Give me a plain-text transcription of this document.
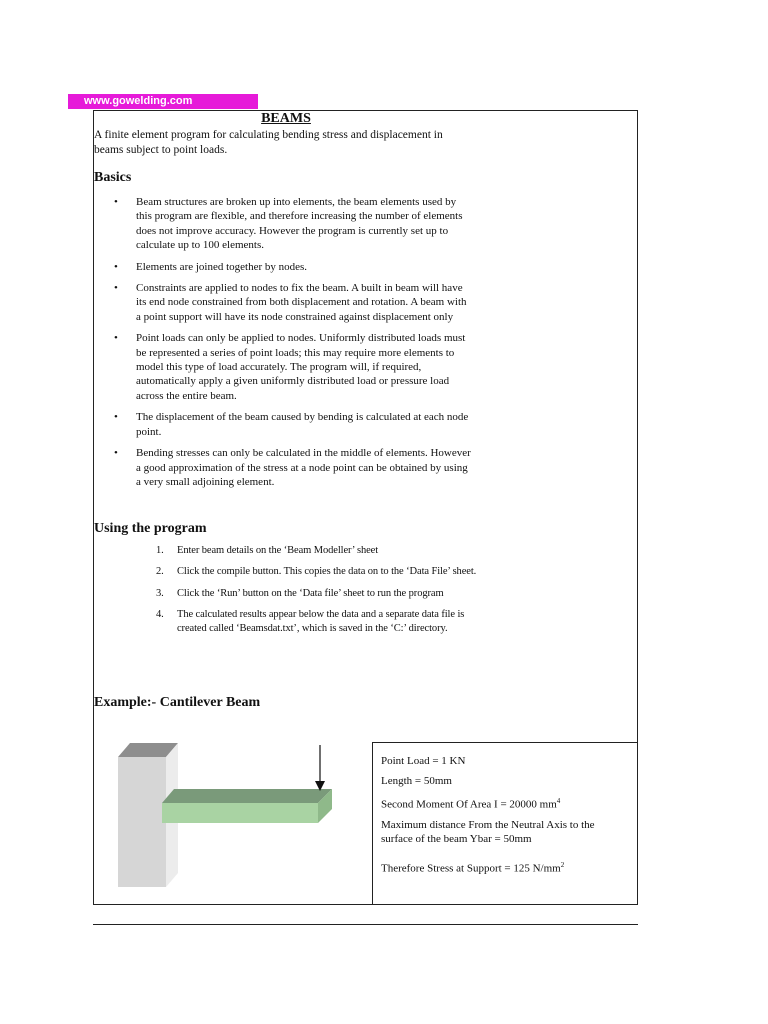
www.gowelding.com
BEAMS
A finite element program for calculating bending stress and displacement in beams subject to point loads.
Basics
• Beam structures are broken up into elements, the beam elements used by this program are flexible, and therefore increasing the number of elements does not improve accuracy. However the program is currently set up to calculate up to 100 elements.
• Elements are joined together by nodes.
• Constraints are applied to nodes to fix the beam. A built in beam will have its end node constrained from both displacement and rotation. A beam with a point support will have its node constrained against displacement only
• Point loads can only be applied to nodes. Uniformly distributed loads must be represented a series of point loads; this may require more elements to model this type of load accurately. The program will, if required, automatically apply a given uniformly distributed load or pressure load across the entire beam.
• The displacement of the beam caused by bending is calculated at each node point.
• Bending stresses can only be calculated in the middle of elements. However a good approximation of the stress at a node point can be obtained by using a very small adjoining element.
Using the program
1. Enter beam details on the ‘Beam Modeller’ sheet
2. Click the compile button. This copies the data on to the ‘Data File’ sheet.
3. Click the ‘Run’ button on the ‘Data file’ sheet to run the program
4. The calculated results appear below the data and a separate data file is created called ‘Beamsdat.txt’, which is saved in the ‘C:’ directory.
Example:- Cantilever Beam

Point Load = 1 KN

Length = 50mm

Second Moment Of Area I = 20000 $mm^4$

Maximum distance From the Neutral Axis to the surface of the beam Ybar = 50mm

Therefore Stress at Support = 125 $N/mm^2$
